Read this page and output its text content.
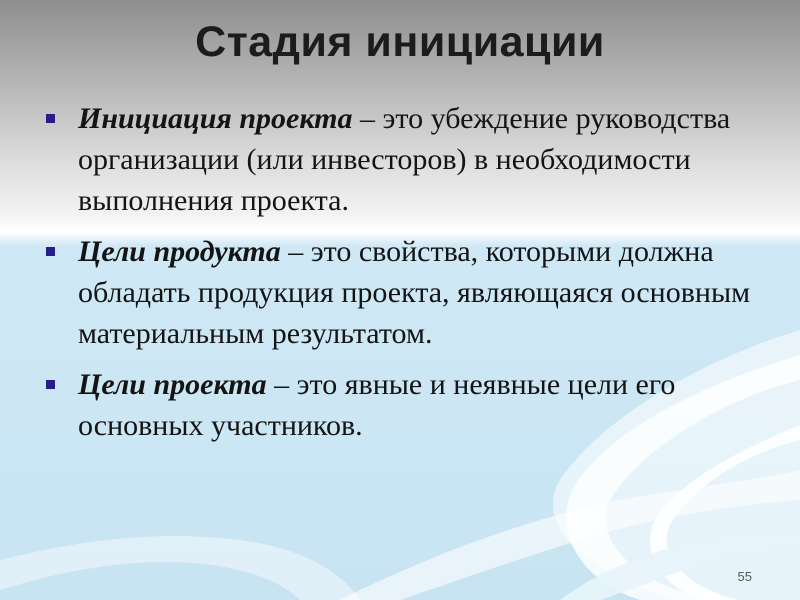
Стадия инициации
Инициация проекта – это убеждение руководства организации (или инвесторов) в необходимости выполнения проекта.
Цели продукта – это свойства, которыми должна обладать продукция проекта, являющаяся основным материальным результатом.
Цели проекта – это явные и неявные цели его основных участников.
55
